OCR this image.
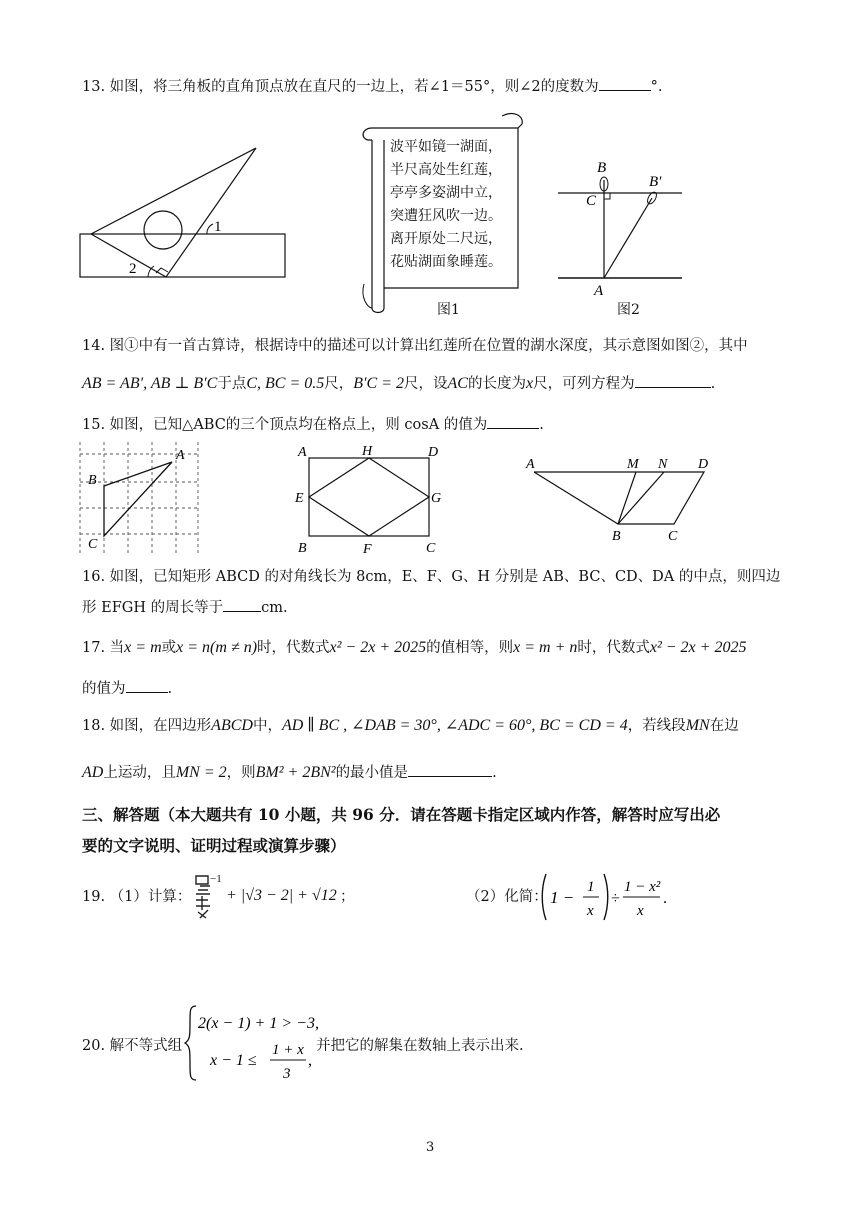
13. 如图，将三角板的直角顶点放在直尺的一边上，若∠1＝55°，则∠2的度数为	°.
1
2
波平如镜一湖面，
半尺高处生红莲，
亭亭多姿湖中立，
突遭狂风吹一边。
离开原处二尺远，
花贴湖面象睡莲。
图1
B
B′
C
A
图2
14. 图①中有一首古算诗，根据诗中的描述可以计算出红莲所在位置的湖水深度，其示意图如图②，其中
AB = AB′, AB ⊥ B′C于点C, BC = 0.5尺，B′C = 2尺，设AC的长度为x尺，可列方程为	.
15. 如图，已知△ABC的三个顶点均在格点上，则 cosA 的值为	.
A
B
C
A	H	D
E	G
B	F	C
A	M N D
B	C
16. 如图，已知矩形 ABCD 的对角线长为 8cm，E、F、G、H 分别是 AB、BC、CD、DA 的中点，则四边
形 EFGH 的周长等于	cm.
17. 当x = m或x = n(m ≠ n)时，代数式x² − 2x + 2025的值相等，则x = m + n时，代数式x² − 2x + 2025
的值为	.
18. 如图，在四边形ABCD中，AD ∥ BC , ∠DAB = 30°, ∠ADC = 60°, BC = CD = 4，若线段MN在边
AD上运动，且MN = 2，则BM² + 2BN²的最小值是	.
三、解答题（本大题共有 10 小题，共 96 分．请在答题卡指定区域内作答，解答时应写出必
要的文字说明、证明过程或演算步骤）
19. （1）计算：
−1
+ |√3 − 2| + √12 ；	（2）化简： 1 −
1
x
÷
1 − x²
x
.
20. 解不等式组
2(x − 1) + 1 > −3,
x − 1 ≤
1 + x
3
,
并把它的解集在数轴上表示出来.
3
